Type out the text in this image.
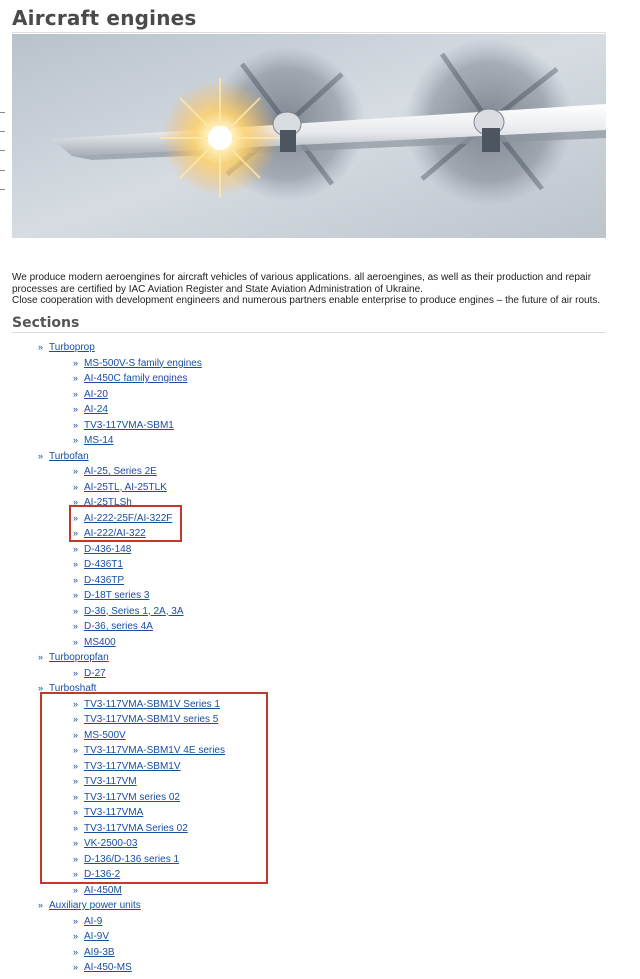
Aircraft engines

We produce modern aeroengines for aircraft vehicles of various applications. all aeroengines, as well as their production and repair processes are certified by IAC Aviation Register and State Aviation Administration of Ukraine.

Close cooperation with development engineers and numerous partners enable enterprise to produce engines – the future of air routs.

Sections
» Turboprop
» MS-500V-S family engines
» AI-450C family engines
» AI-20
» AI-24
» TV3-117VMA-SBM1
» MS-14
» Turbofan
» AI-25, Series 2E
» AI-25TL, AI-25TLK
» AI-25TLSh
» AI-222-25F/AI-322F
» AI-222/AI-322
» D-436-148
» D-436T1
» D-436TP
» D-18T series 3
» D-36, Series 1, 2A, 3A
» D-36, series 4A
» MS400
» Turbopropfan
» D-27
» Turboshaft
» TV3-117VMA-SBM1V Series 1
» TV3-117VMA-SBM1V series 5
» MS-500V
» TV3-117VMA-SBM1V 4E series
» TV3-117VMA-SBM1V
» TV3-117VM
» TV3-117VM series 02
» TV3-117VMA
» TV3-117VMA Series 02
» VK-2500-03
» D-136/D-136 series 1
» D-136-2
» AI-450M
» Auxiliary power units
» AI-9
» AI-9V
» AI9-3B
» AI-450-MS
